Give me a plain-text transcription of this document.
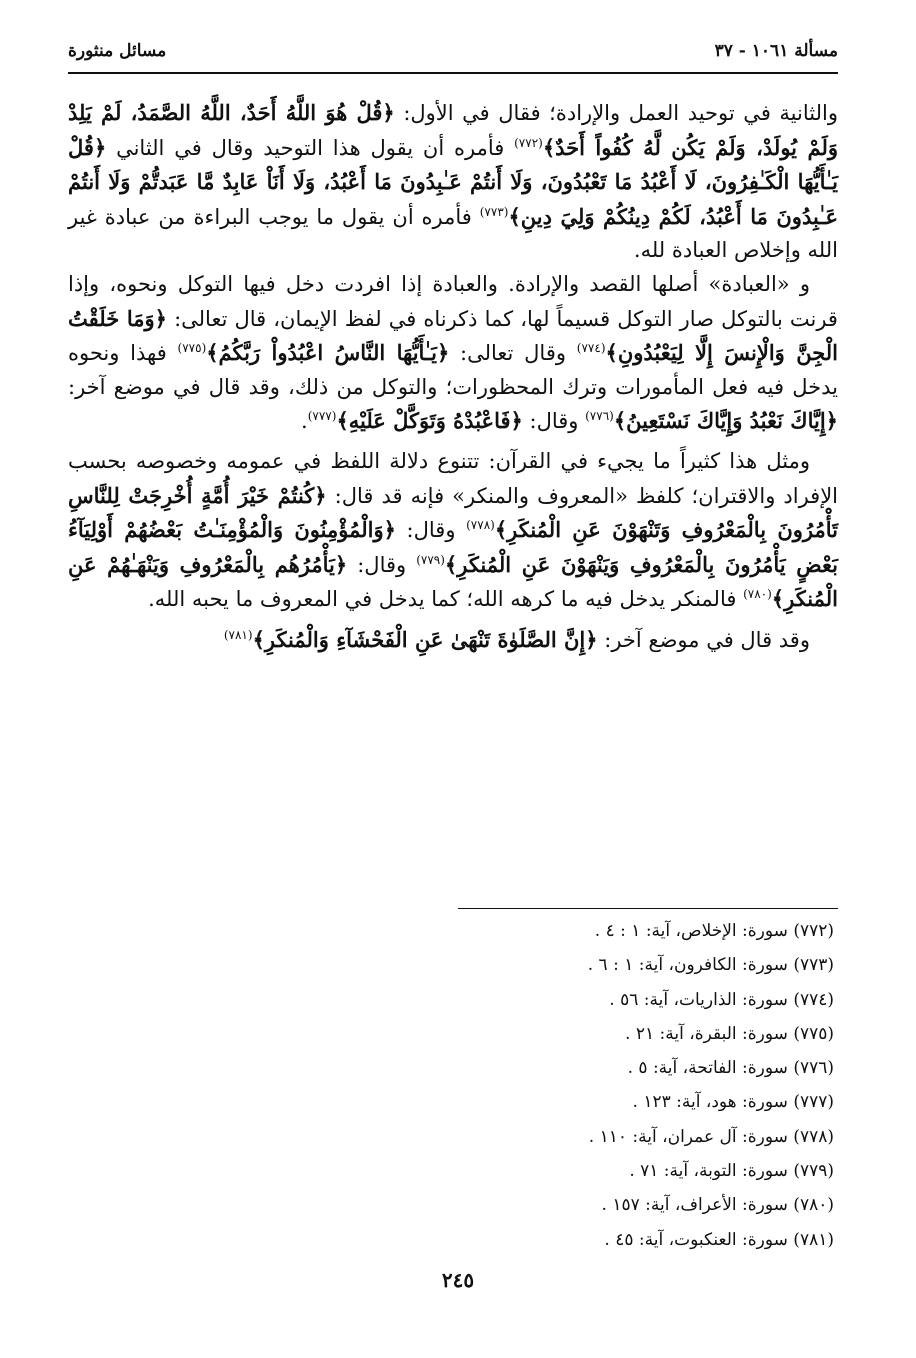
مسألة ١٠٦١ - ٣٧
مسائل منثورة

والثانية في توحيد العمل والإرادة؛ فقال في الأول: ﴿قُلْ هُوَ اللَّهُ أَحَدٌ، اللَّهُ الصَّمَدُ، لَمْ يَلِدْ وَلَمْ يُولَدْ، وَلَمْ يَكُن لَّهُ كُفُواً أَحَدٌ﴾$^{(٧٧٢)}$ فأمره أن يقول هذا التوحيد وقال في الثاني ﴿قُلْ يَـٰأَيُّهَا الْكَـٰفِرُونَ، لَا أَعْبُدُ مَا تَعْبُدُونَ، وَلَا أَنتُمْ عَـٰبِدُونَ مَا أَعْبُدُ، وَلَا أَنَاْ عَابِدٌ مَّا عَبَدتُّمْ وَلَا أَنتُمْ عَـٰبِدُونَ مَا أَعْبُدُ، لَكُمْ دِينُكُمْ وَلِيَ دِينِ﴾$^{(٧٧٣)}$ فأمره أن يقول ما يوجب البراءة من عبادة غير الله وإخلاص العبادة لله.

و «العبادة» أصلها القصد والإرادة. والعبادة إذا افردت دخل فيها التوكل ونحوه، وإذا قرنت بالتوكل صار التوكل قسيماً لها، كما ذكرناه في لفظ الإيمان، قال تعالى: ﴿وَمَا خَلَقْتُ الْجِنَّ وَالْإِنسَ إِلَّا لِيَعْبُدُونِ﴾$^{(٧٧٤)}$ وقال تعالى: ﴿يَـٰأَيُّهَا النَّاسُ اعْبُدُواْ رَبَّكُمُ﴾$^{(٧٧٥)}$ فهذا ونحوه يدخل فيه فعل المأمورات وترك المحظورات؛ والتوكل من ذلك، وقد قال في موضع آخر: ﴿إِيَّاكَ نَعْبُدُ وَإِيَّاكَ نَسْتَعِينُ﴾$^{(٧٧٦)}$ وقال: ﴿فَاعْبُدْهُ وَتَوَكَّلْ عَلَيْهِ﴾$^{(٧٧٧)}$.

ومثل هذا كثيراً ما يجيء في القرآن: تتنوع دلالة اللفظ في عمومه وخصوصه بحسب الإفراد والاقتران؛ كلفظ «المعروف والمنكر» فإنه قد قال: ﴿كُنتُمْ خَيْرَ أُمَّةٍ أُخْرِجَتْ لِلنَّاسِ تَأْمُرُونَ بِالْمَعْرُوفِ وَتَنْهَوْنَ عَنِ الْمُنكَرِ﴾$^{(٧٧٨)}$ وقال: ﴿وَالْمُؤْمِنُونَ وَالْمُؤْمِنَـٰتُ بَعْضُهُمْ أَوْلِيَآءُ بَعْضٍ يَأْمُرُونَ بِالْمَعْرُوفِ وَيَنْهَوْنَ عَنِ الْمُنكَرِ﴾$^{(٧٧٩)}$ وقال: ﴿يَأْمُرُهُم بِالْمَعْرُوفِ وَيَنْهَـٰهُمْ عَنِ الْمُنكَرِ﴾$^{(٧٨٠)}$ فالمنكر يدخل فيه ما كرهه الله؛ كما يدخل في المعروف ما يحبه الله.

وقد قال في موضع آخر: ﴿إِنَّ الصَّلَوٰةَ تَنْهَىٰ عَنِ الْفَحْشَآءِ وَالْمُنكَرِ﴾$^{(٧٨١)}$

(٧٧٢) سورة: الإخلاص، آية: ١ : ٤ .
(٧٧٣) سورة: الكافرون، آية: ١ : ٦ .
(٧٧٤) سورة: الذاريات، آية: ٥٦ .
(٧٧٥) سورة: البقرة، آية: ٢١ .
(٧٧٦) سورة: الفاتحة، آية: ٥ .
(٧٧٧) سورة: هود، آية: ١٢٣ .
(٧٧٨) سورة: آل عمران، آية: ١١٠ .
(٧٧٩) سورة: التوبة، آية: ٧١ .
(٧٨٠) سورة: الأعراف، آية: ١٥٧ .
(٧٨١) سورة: العنكبوت، آية: ٤٥ .
٢٤٥
